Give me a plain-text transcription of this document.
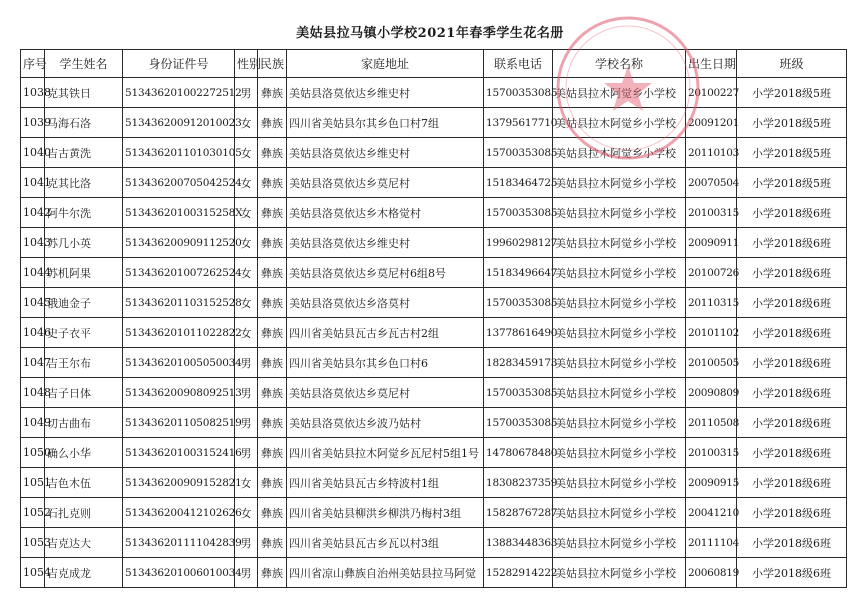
美姑县拉马镇小学校2021年春季学生花名册
序号	学生姓名	身份证件号	性别	民族	家庭地址	联系电话	学校名称	出生日期	班级
1038	克其铁日	513436201002272512	男	彝族	美姑县洛莫依达乡维史村	15700353085	美姑县拉木阿觉乡小学校	20100227	小学2018级5班
1039	马海石洛	513436200912010023	女	彝族	四川省美姑县尔其乡色口村7组	13795617710	美姑县拉木阿觉乡小学校	20091201	小学2018级5班
1040	吉古黄洗	513436201101030105	女	彝族	美姑县洛莫依达乡维史村	15700353085	美姑县拉木阿觉乡小学校	20110103	小学2018级5班
1041	克其比洛	513436200705042524	女	彝族	美姑县洛莫依达乡莫尼村	15183464725	美姑县拉木阿觉乡小学校	20070504	小学2018级5班
1042	阿牛尔洗	51343620100315258X	女	彝族	美姑县洛莫依达乡木格觉村	15700353085	美姑县拉木阿觉乡小学校	20100315	小学2018级6班
1043	苏几小英	513436200909112520	女	彝族	美姑县洛莫依达乡维史村	19960298127	美姑县拉木阿觉乡小学校	20090911	小学2018级6班
1044	苏机阿果	513436201007262524	女	彝族	美姑县洛莫依达乡莫尼村6组8号	15183496647	美姑县拉木阿觉乡小学校	20100726	小学2018级6班
1045	俄迪金子	513436201103152528	女	彝族	美姑县洛莫依达乡洛莫村	15700353085	美姑县拉木阿觉乡小学校	20110315	小学2018级6班
1046	史子衣平	513436201011022822	女	彝族	四川省美姑县瓦古乡瓦古村2组	13778616490	美姑县拉木阿觉乡小学校	20101102	小学2018级6班
1047	吉王尔布	513436201005050034	男	彝族	四川省美姑县尔其乡色口村6	18283459173	美姑县拉木阿觉乡小学校	20100505	小学2018级6班
1048	吉子日体	513436200908092513	男	彝族	美姑县洛莫依达乡莫尼村	15700353085	美姑县拉木阿觉乡小学校	20090809	小学2018级6班
1049	切古曲布	513436201105082519	男	彝族	美姑县洛莫依达乡波乃姑村	15700353085	美姑县拉木阿觉乡小学校	20110508	小学2018级6班
1050	确么小华	513436201003152416	男	彝族	四川省美姑县拉木阿觉乡瓦尼村5组1号	14780678480	美姑县拉木阿觉乡小学校	20100315	小学2018级6班
1051	吉色木伍	513436200909152821	女	彝族	四川省美姑县瓦古乡特波村1组	18308237359	美姑县拉木阿觉乡小学校	20090915	小学2018级6班
1052	石扎克则	513436200412102626	女	彝族	四川省美姑县柳洪乡柳洪乃梅村3组	15828767287	美姑县拉木阿觉乡小学校	20041210	小学2018级6班
1053	吉克达大	513436201111042839	男	彝族	四川省美姑县瓦古乡瓦以村3组	13883448363	美姑县拉木阿觉乡小学校	20111104	小学2018级6班
1054	吉克成龙	513436201006010034	男	彝族	四川省凉山彝族自治州美姑县拉马阿觉	15282914222	美姑县拉木阿觉乡小学校	20060819	小学2018级6班
